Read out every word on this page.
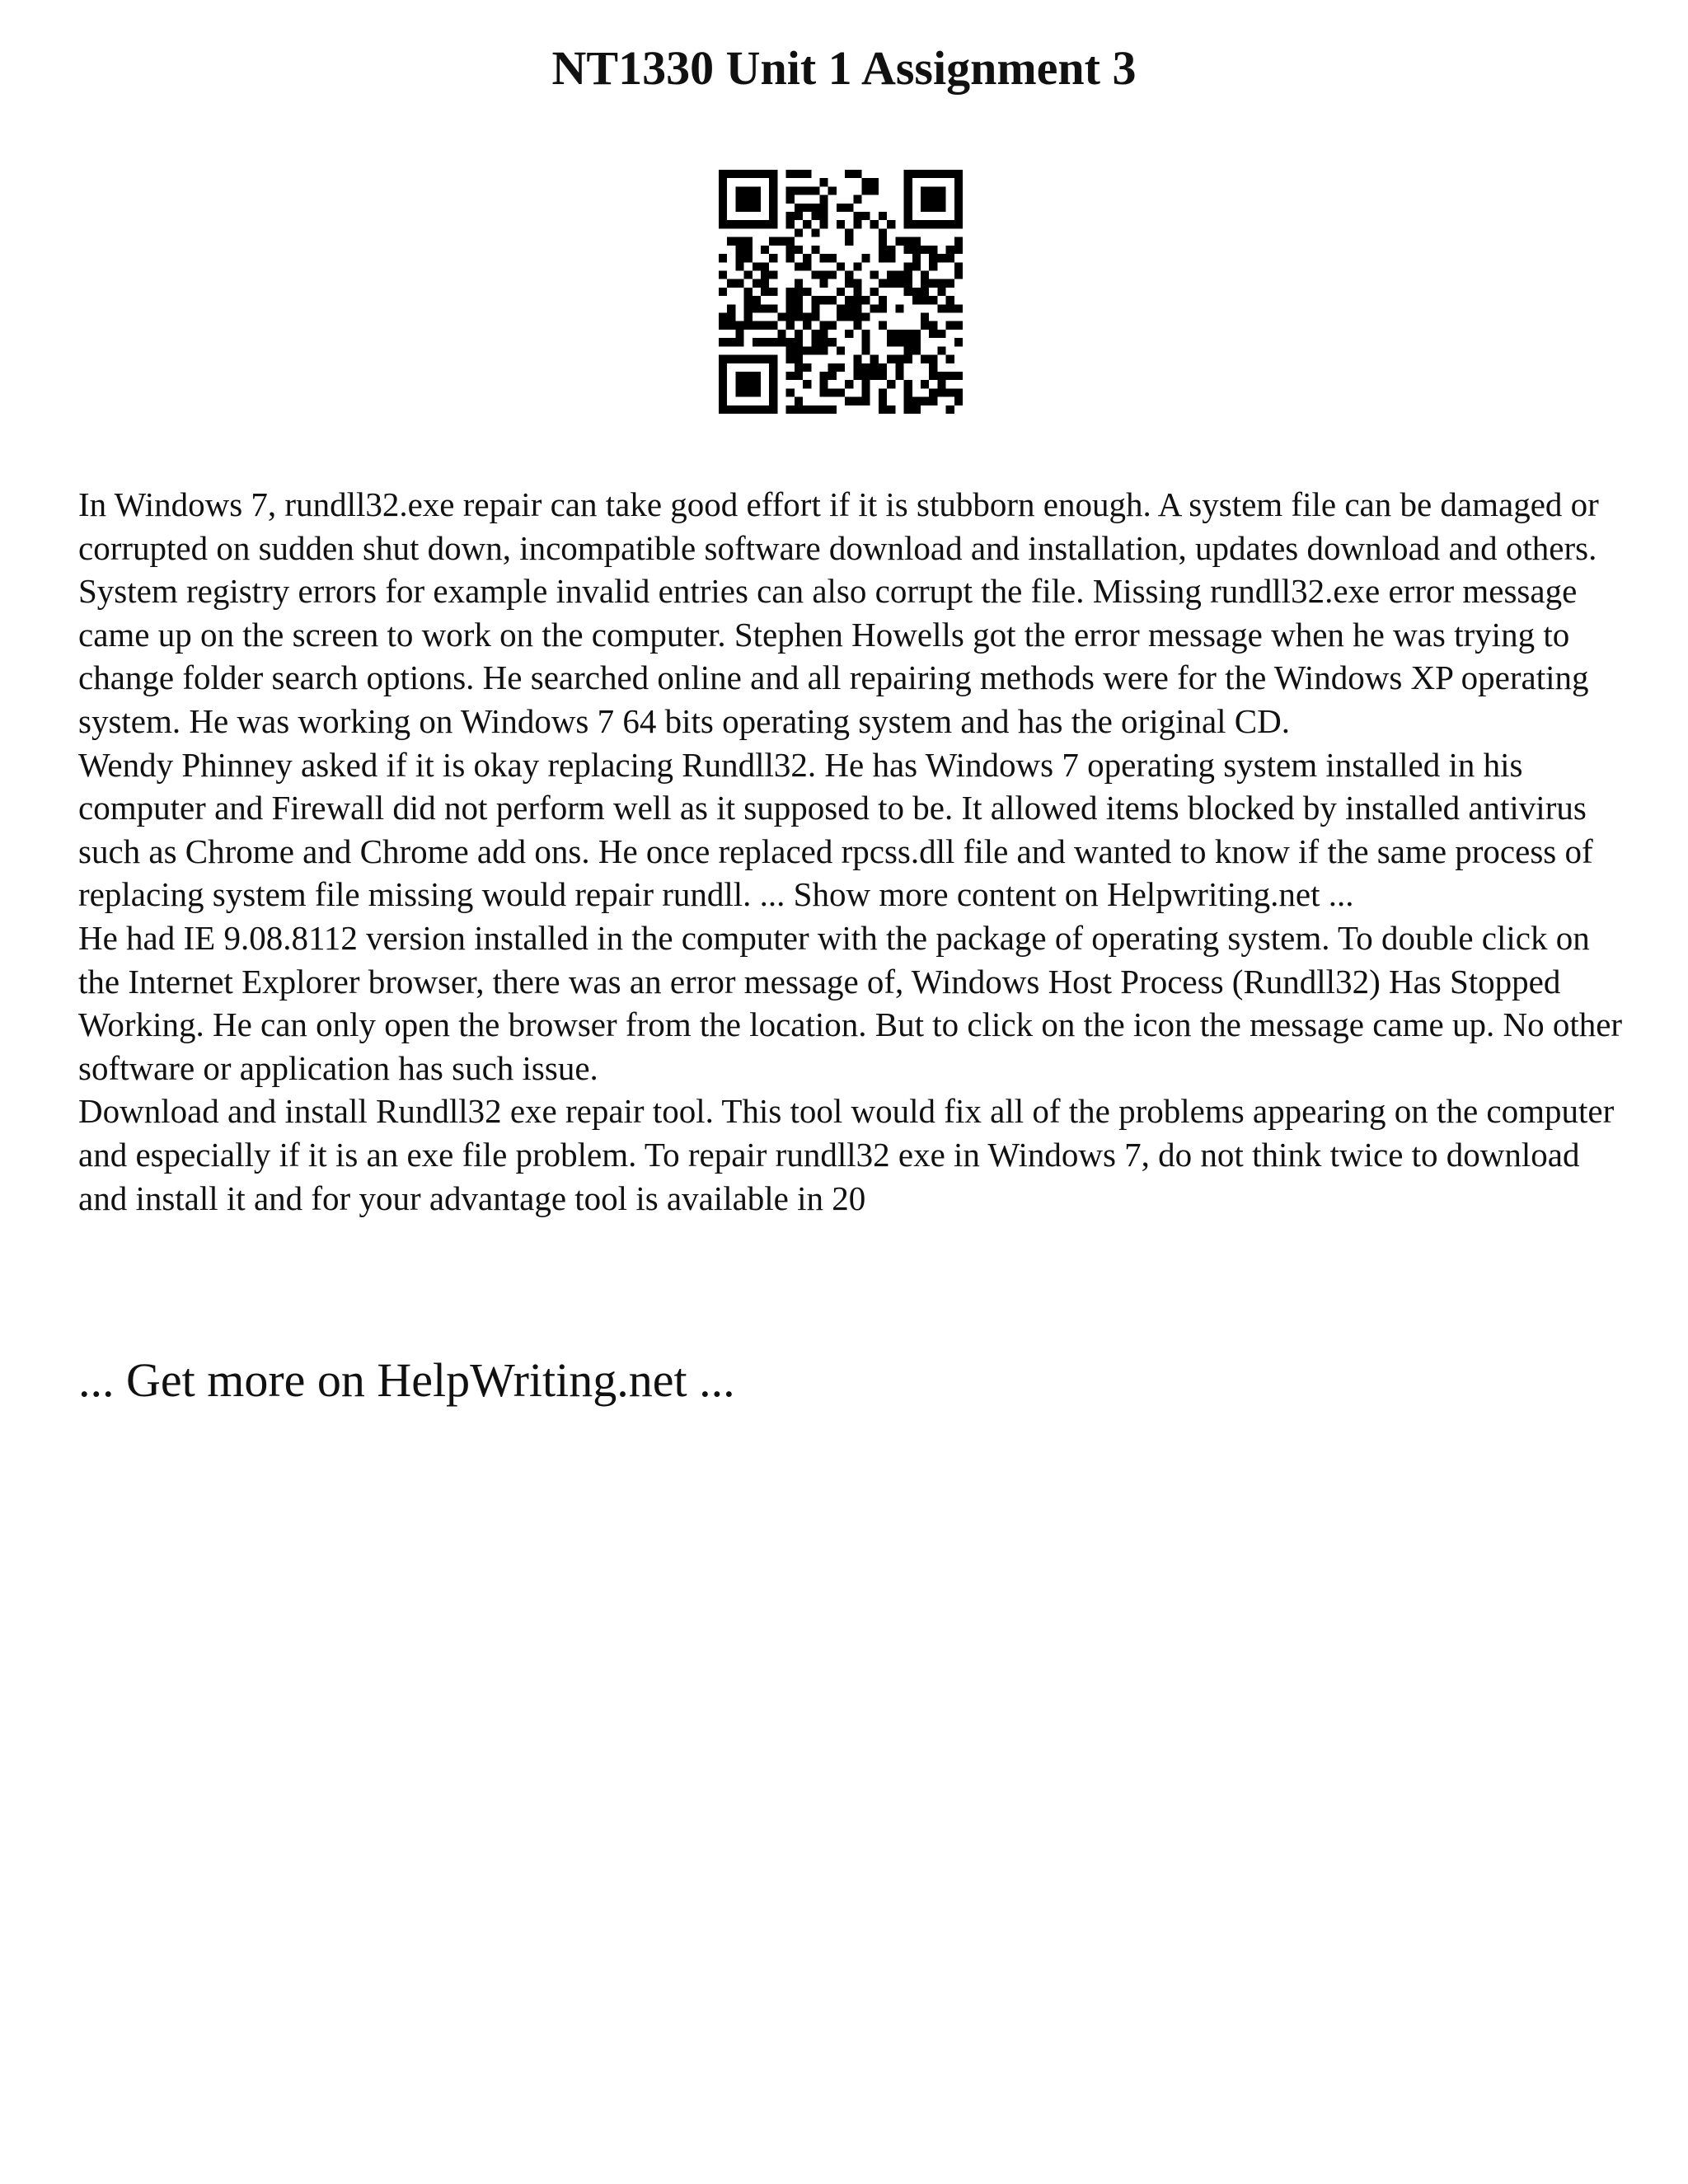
NT1330 Unit 1 Assignment 3

In Windows 7, rundll32.exe repair can take good effort if it is stubborn enough. A system file can be damaged or corrupted on sudden shut down, incompatible software download and installation, updates download and others. System registry errors for example invalid entries can also corrupt the file. Missing rundll32.exe error message came up on the screen to work on the computer. Stephen Howells got the error message when he was trying to change folder search options. He searched online and all repairing methods were for the Windows XP operating system. He was working on Windows 7 64 bits operating system and has the original CD.

Wendy Phinney asked if it is okay replacing Rundll32. He has Windows 7 operating system installed in his computer and Firewall did not perform well as it supposed to be. It allowed items blocked by installed antivirus such as Chrome and Chrome add ons. He once replaced rpcss.dll file and wanted to know if the same process of replacing system file missing would repair rundll. ... Show more content on Helpwriting.net ...

He had IE 9.08.8112 version installed in the computer with the package of operating system. To double click on the Internet Explorer browser, there was an error message of, Windows Host Process (Rundll32) Has Stopped Working. He can only open the browser from the location. But to click on the icon the message came up. No other software or application has such issue.

Download and install Rundll32 exe repair tool. This tool would fix all of the problems appearing on the computer and especially if it is an exe file problem. To repair rundll32 exe in Windows 7, do not think twice to download and install it and for your advantage tool is available in 20

... Get more on HelpWriting.net ...
